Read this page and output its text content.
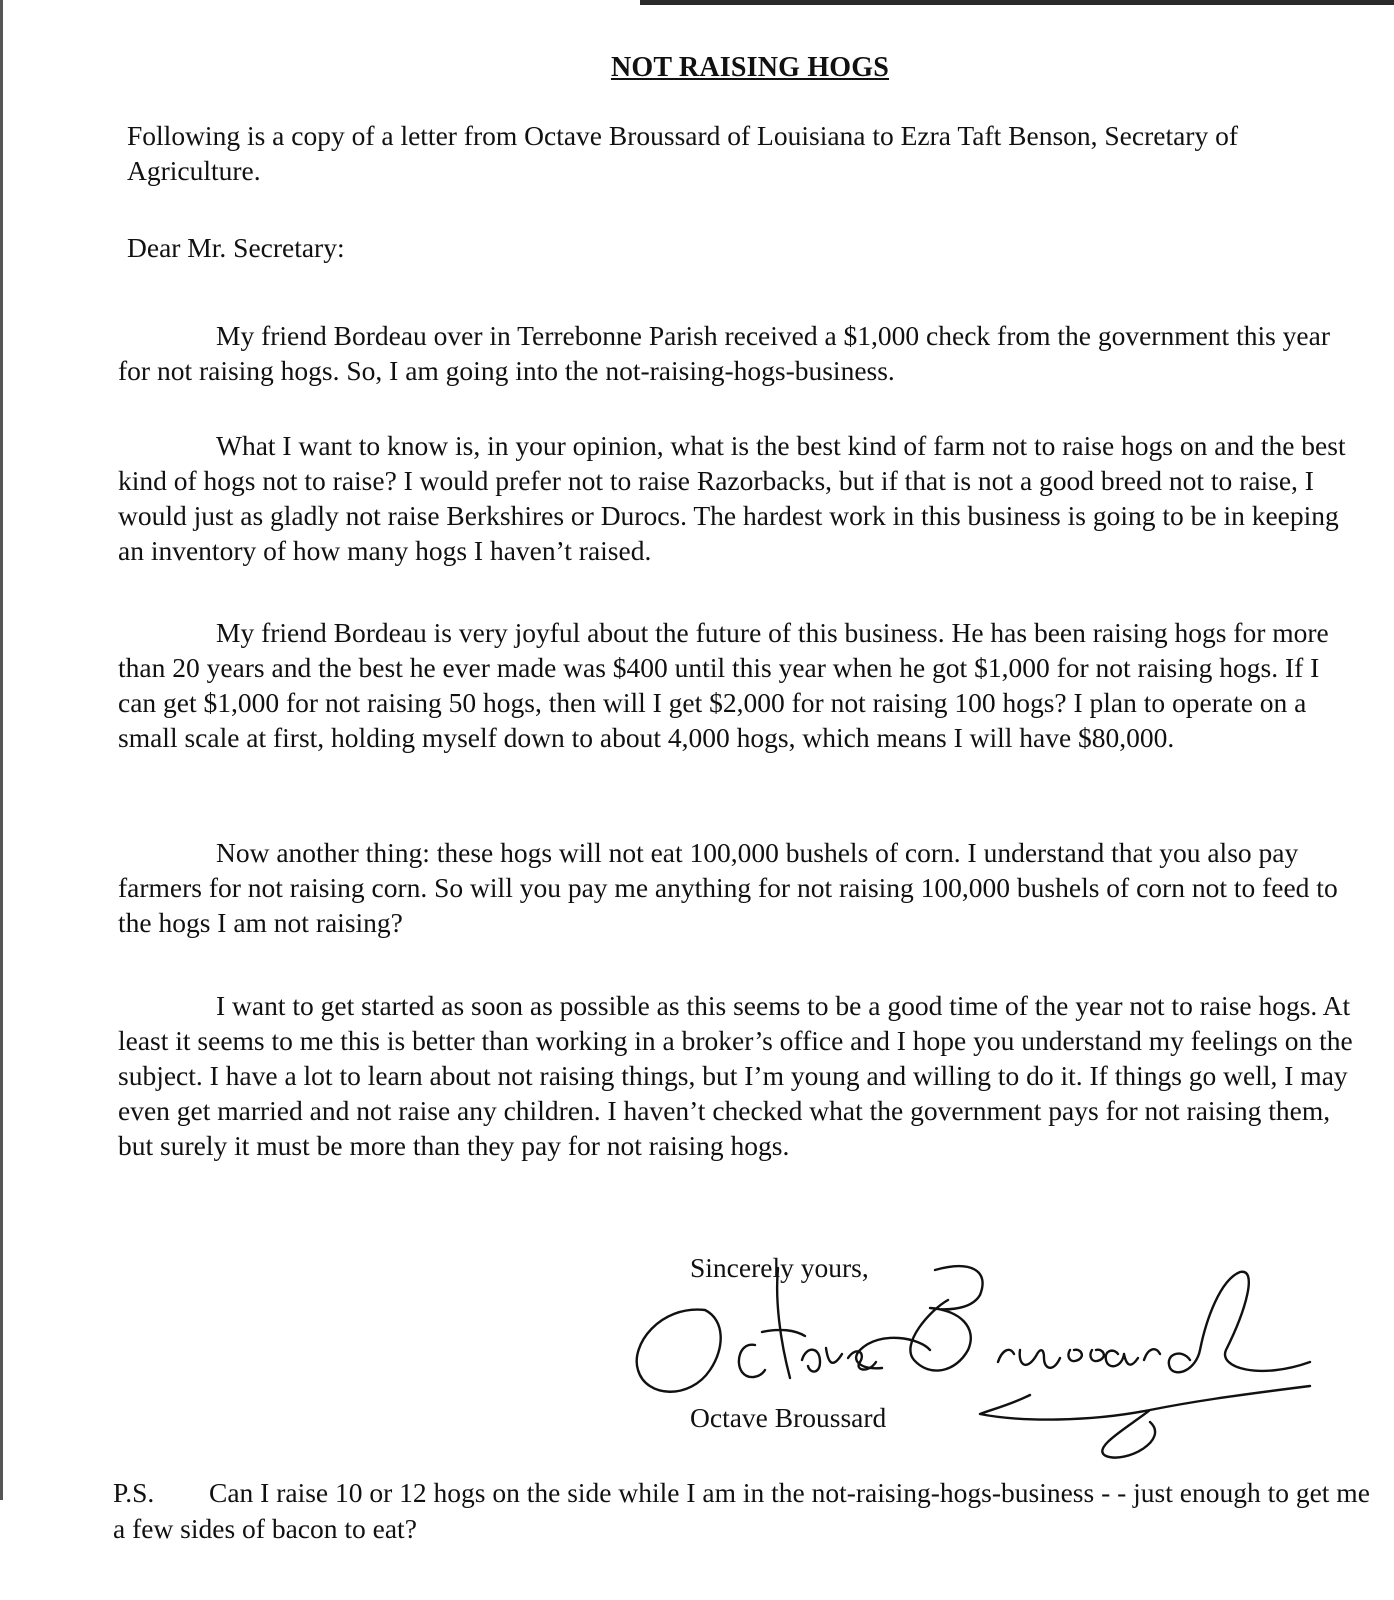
NOT RAISING HOGS

Following is a copy of a letter from Octave Broussard of Louisiana to Ezra Taft Benson, Secretary of Agriculture.

Dear Mr. Secretary:

My friend Bordeau over in Terrebonne Parish received a $1,000 check from the government this year for not raising hogs. So, I am going into the not-raising-hogs-business.

What I want to know is, in your opinion, what is the best kind of farm not to raise hogs on and the best kind of hogs not to raise? I would prefer not to raise Razorbacks, but if that is not a good breed not to raise, I would just as gladly not raise Berkshires or Durocs. The hardest work in this business is going to be in keeping an inventory of how many hogs I haven’t raised.

My friend Bordeau is very joyful about the future of this business. He has been raising hogs for more than 20 years and the best he ever made was $400 until this year when he got $1,000 for not raising hogs. If I can get $1,000 for not raising 50 hogs, then will I get $2,000 for not raising 100 hogs? I plan to operate on a small scale at first, holding myself down to about 4,000 hogs, which means I will have $80,000.

Now another thing: these hogs will not eat 100,000 bushels of corn. I understand that you also pay farmers for not raising corn. So will you pay me anything for not raising 100,000 bushels of corn not to feed to the hogs I am not raising?

I want to get started as soon as possible as this seems to be a good time of the year not to raise hogs. At least it seems to me this is better than working in a broker’s office and I hope you understand my feelings on the subject. I have a lot to learn about not raising things, but I’m young and willing to do it. If things go well, I may even get married and not raise any children. I haven’t checked what the government pays for not raising them, but surely it must be more than they pay for not raising hogs.

Sincerely yours,

Octave Broussard

P.S. Can I raise 10 or 12 hogs on the side while I am in the not-raising-hogs-business - - just enough to get me a few sides of bacon to eat?
